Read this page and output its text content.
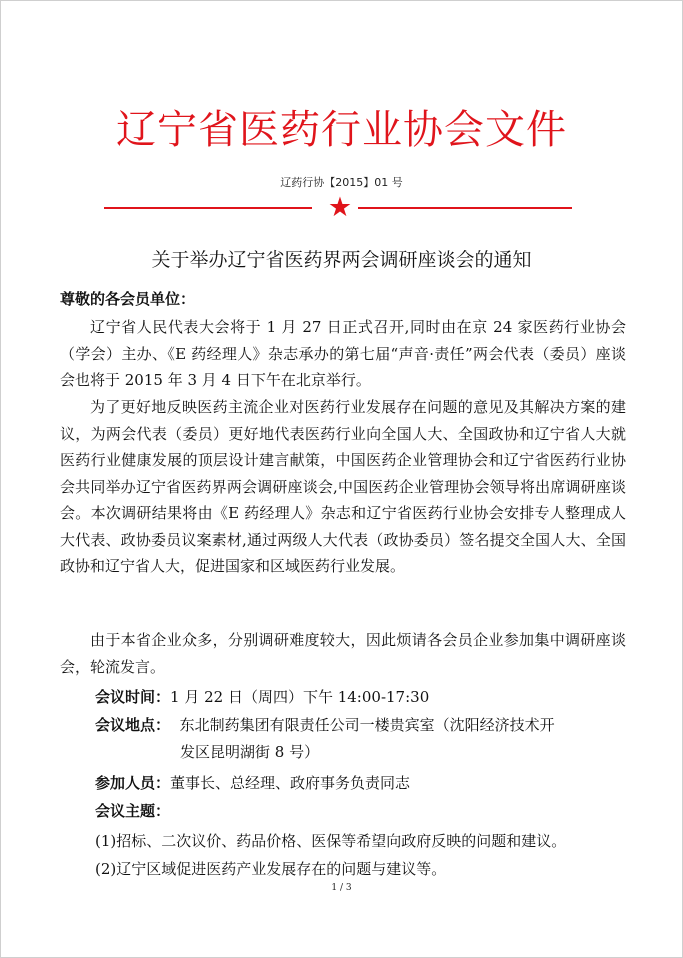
辽宁省医药行业协会文件
辽药行协【2015】01 号
★
关于举办辽宁省医药界两会调研座谈会的通知
尊敬的各会员单位：

辽宁省人民代表大会将于 1 月 27 日正式召开,同时由在京 24 家医药行业协会（学会）主办、《E 药经理人》杂志承办的第七届“声音·责任”两会代表（委员）座谈会也将于 2015 年 3 月 4 日下午在北京举行。

为了更好地反映医药主流企业对医药行业发展存在问题的意见及其解决方案的建议，为两会代表（委员）更好地代表医药行业向全国人大、全国政协和辽宁省人大就医药行业健康发展的顶层设计建言献策，中国医药企业管理协会和辽宁省医药行业协会共同举办辽宁省医药界两会调研座谈会,中国医药企业管理协会领导将出席调研座谈会。本次调研结果将由《E 药经理人》杂志和辽宁省医药行业协会安排专人整理成人大代表、政协委员议案素材,通过两级人大代表（政协委员）签名提交全国人大、全国政协和辽宁省人大，促进国家和区域医药行业发展。

由于本省企业众多，分别调研难度较大，因此烦请各会员企业参加集中调研座谈会，轮流发言。

会议时间：1 月 22 日（周四）下午 14:00-17:30
会议地点： 东北制药集团有限责任公司一楼贵宾室（沈阳经济技术开
发区昆明湖街 8 号）
参加人员：董事长、总经理、政府事务负责同志
会议主题：
(1)招标、二次议价、药品价格、医保等希望向政府反映的问题和建议。
(2)辽宁区域促进医药产业发展存在的问题与建议等。
1 / 3
